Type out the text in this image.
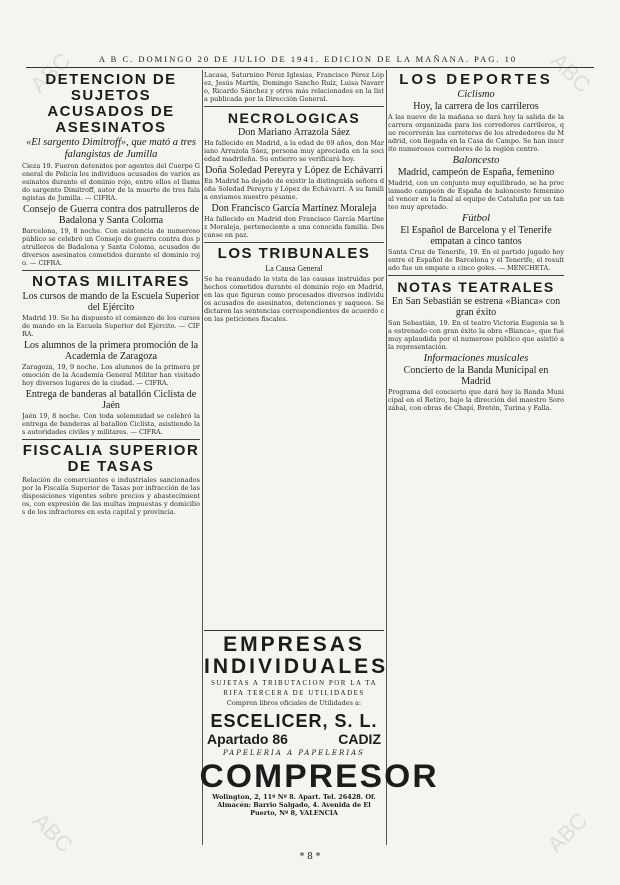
ABC	ABC
ABC	ABC
A B C. DOMINGO 20 DE JULIO DE 1941. EDICION DE LA MAÑANA. PAG. 10
DETENCION DE SUJETOS ACUSADOS DE ASESINATOS
«El sargento Dimitroff», que mató a tres falangistas de Jumilla
Cieza 19. Fueron detenidos por agentes del Cuerpo General de Policía los individuos acusados de varios asesinatos durante el dominio rojo, entre ellos el llamado sargento Dimitroff, autor de la muerte de tres falangistas de Jumilla. — CIFRA.
Consejo de Guerra contra dos patrulleros de Badalona y Santa Coloma
Barcelona, 19, 8 noche. Con asistencia de numeroso público se celebró un Consejo de guerra contra dos patrulleros de Badalona y Santa Coloma, acusados de diversos asesinatos cometidos durante el dominio rojo. — CIFRA.
NOTAS MILITARES
Los cursos de mando de la Escuela Superior del Ejército
Madrid 19. Se ha dispuesto el comienzo de los cursos de mando en la Escuela Superior del Ejército. — CIFRA.
Los alumnos de la primera promoción de la Academia de Zaragoza
Zaragoza, 19, 9 noche. Los alumnos de la primera promoción de la Academia General Militar han visitado hoy diversos lugares de la ciudad. — CIFRA.
Entrega de banderas al batallón Ciclista de Jaén
Jaén 19, 8 noche. Con toda solemnidad se celebró la entrega de banderas al batallón Ciclista, asistiendo las autoridades civiles y militares. — CIFRA.
FISCALIA SUPERIOR DE TASAS
Relación de comerciantes e industriales sancionados por la Fiscalía Superior de Tasas por infracción de las disposiciones vigentes sobre precios y abastecimientos, con expresión de las multas impuestas y domicilios de los infractores en esta capital y provincia.
Lacasa, Saturnino Pérez Iglesias, Francisco Pérez López, Jesús Martín, Domingo Sancho Ruiz, Luisa Navarro, Ricardo Sánchez y otros más relacionados en la lista publicada por la Dirección General.
NECROLOGICAS
Don Mariano Arrazola Sáez
Ha fallecido en Madrid, a la edad de 69 años, don Mariano Arrazola Sáez, persona muy apreciada en la sociedad madrileña. Su entierro se verificará hoy.
Doña Soledad Pereyra y López de Echávarri
En Madrid ha dejado de existir la distinguida señora doña Soledad Pereyra y López de Echávarri. A su familia enviamos nuestro pésame.
Don Francisco García Martínez Moraleja
Ha fallecido en Madrid don Francisco García Martínez Moraleja, perteneciente a una conocida familia. Descanse en paz.
LOS TRIBUNALES
La Causa General
Se ha reanudado la vista de las causas instruidas por hechos cometidos durante el dominio rojo en Madrid, en las que figuran como procesados diversos individuos acusados de asesinatos, detenciones y saqueos. Se dictaron las sentencias correspondientes de acuerdo con las peticiones fiscales.
EMPRESAS
INDIVIDUALES
SUJETAS A TRIBUTACION POR LA TA
RIFA TERCERA DE UTILIDADES
Compren libros oficiales de Utilidades a:
ESCELICER, S. L.
Apartado 86	CADIZ
PAPELERIA A PAPELERIAS
COMPRESOR
Wolington, 2, 11º Nº 8. Apart. Tel. 26428. Of. Almacén: Barrio Salgado, 4. Avenida de El Puerto, Nº 8, VALENCIA
LOS DEPORTES
Ciclismo
Hoy, la carrera de los carrileros
A las nueve de la mañana se dará hoy la salida de la carrera organizada para los corredores carrileros, que recorrerán las carreteras de los alrededores de Madrid, con llegada en la Casa de Campo. Se han inscrito numerosos corredores de la región centro.
Baloncesto
Madrid, campeón de España, femenino
Madrid, con un conjunto muy equilibrado, se ha proclamado campeón de España de baloncesto femenino al vencer en la final al equipo de Cataluña por un tanteo muy apretado.
Fútbol
El Español de Barcelona y el Tenerife empatan a cinco tantos
Santa Cruz de Tenerife, 19. En el partido jugado hoy entre el Español de Barcelona y el Tenerife, el resultado fue un empate a cinco goles. — MENCHETA.
NOTAS TEATRALES
En San Sebastián se estrena «Bianca» con gran éxito
San Sebastián, 19. En el teatro Victoria Eugenia se ha estrenado con gran éxito la obra «Bianca», que fué muy aplaudida por el numeroso público que asistió a la representación.
Informaciones musicales
Concierto de la Banda Municipal en Madrid
Programa del concierto que dará hoy la Banda Municipal en el Retiro, bajo la dirección del maestro Sorozábal, con obras de Chapí, Bretón, Turina y Falla.
* 8 *
